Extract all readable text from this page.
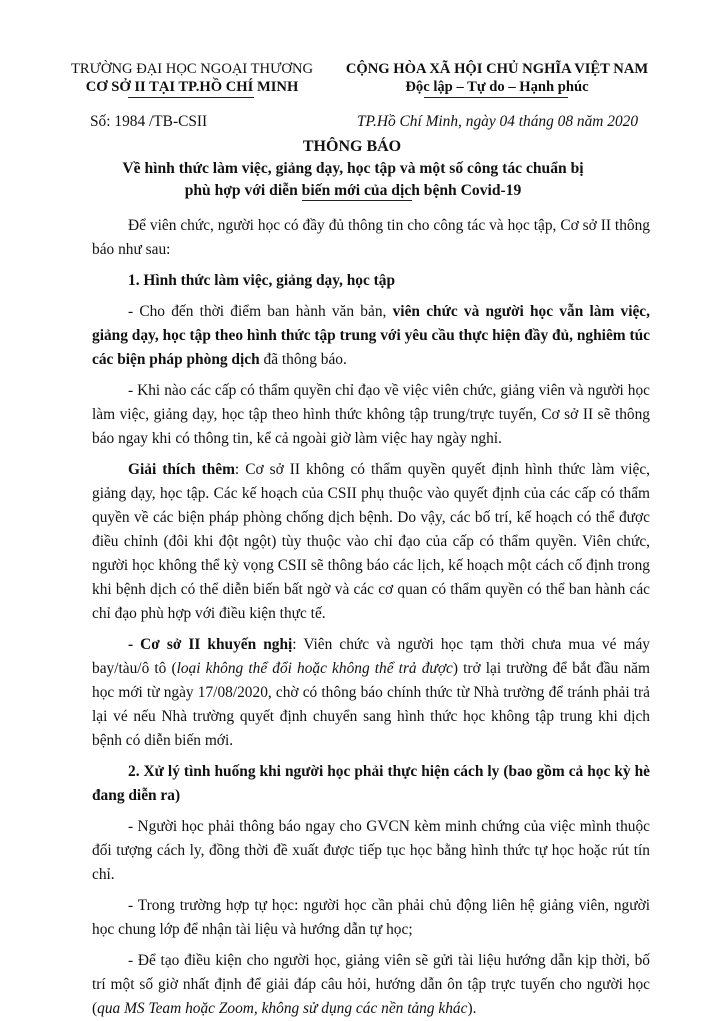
TRƯỜNG ĐẠI HỌC NGOẠI THƯƠNG
CƠ SỞ II TẠI TP.HỒ CHÍ MINH
CỘNG HÒA XÃ HỘI CHỦ NGHĨA VIỆT NAM
Độc lập – Tự do – Hạnh phúc
Số: 1984 /TB-CSII	TP.Hồ Chí Minh, ngày 04 tháng 08 năm 2020
THÔNG BÁO
Về hình thức làm việc, giảng dạy, học tập và một số công tác chuẩn bị
phù hợp với diễn biến mới của dịch bệnh Covid-19

Để viên chức, người học có đầy đủ thông tin cho công tác và học tập, Cơ sở II thông báo như sau:

1. Hình thức làm việc, giảng dạy, học tập

- Cho đến thời điểm ban hành văn bản, viên chức và người học vẫn làm việc, giảng dạy, học tập theo hình thức tập trung với yêu cầu thực hiện đầy đủ, nghiêm túc các biện pháp phòng dịch đã thông báo.

- Khi nào các cấp có thẩm quyền chỉ đạo về việc viên chức, giảng viên và người học làm việc, giảng dạy, học tập theo hình thức không tập trung/trực tuyến, Cơ sở II sẽ thông báo ngay khi có thông tin, kể cả ngoài giờ làm việc hay ngày nghỉ.

Giải thích thêm: Cơ sở II không có thẩm quyền quyết định hình thức làm việc, giảng dạy, học tập. Các kế hoạch của CSII phụ thuộc vào quyết định của các cấp có thẩm quyền về các biện pháp phòng chống dịch bệnh. Do vậy, các bố trí, kế hoạch có thể được điều chỉnh (đôi khi đột ngột) tùy thuộc vào chỉ đạo của cấp có thẩm quyền. Viên chức, người học không thể kỳ vọng CSII sẽ thông báo các lịch, kế hoạch một cách cố định trong khi bệnh dịch có thể diễn biến bất ngờ và các cơ quan có thẩm quyền có thể ban hành các chỉ đạo phù hợp với điều kiện thực tế.

- Cơ sở II khuyến nghị: Viên chức và người học tạm thời chưa mua vé máy bay/tàu/ô tô (loại không thể đổi hoặc không thể trả được) trở lại trường để bắt đầu năm học mới từ ngày 17/08/2020, chờ có thông báo chính thức từ Nhà trường để tránh phải trả lại vé nếu Nhà trường quyết định chuyển sang hình thức học không tập trung khi dịch bệnh có diễn biến mới.

2. Xử lý tình huống khi người học phải thực hiện cách ly (bao gồm cả học kỳ hè đang diễn ra)

- Người học phải thông báo ngay cho GVCN kèm minh chứng của việc mình thuộc đối tượng cách ly, đồng thời đề xuất được tiếp tục học bằng hình thức tự học hoặc rút tín chỉ.

- Trong trường hợp tự học: người học cần phải chủ động liên hệ giảng viên, người học chung lớp để nhận tài liệu và hướng dẫn tự học;

- Để tạo điều kiện cho người học, giảng viên sẽ gửi tài liệu hướng dẫn kịp thời, bố trí một số giờ nhất định để giải đáp câu hỏi, hướng dẫn ôn tập trực tuyến cho người học (qua MS Team hoặc Zoom, không sử dụng các nền tảng khác).
